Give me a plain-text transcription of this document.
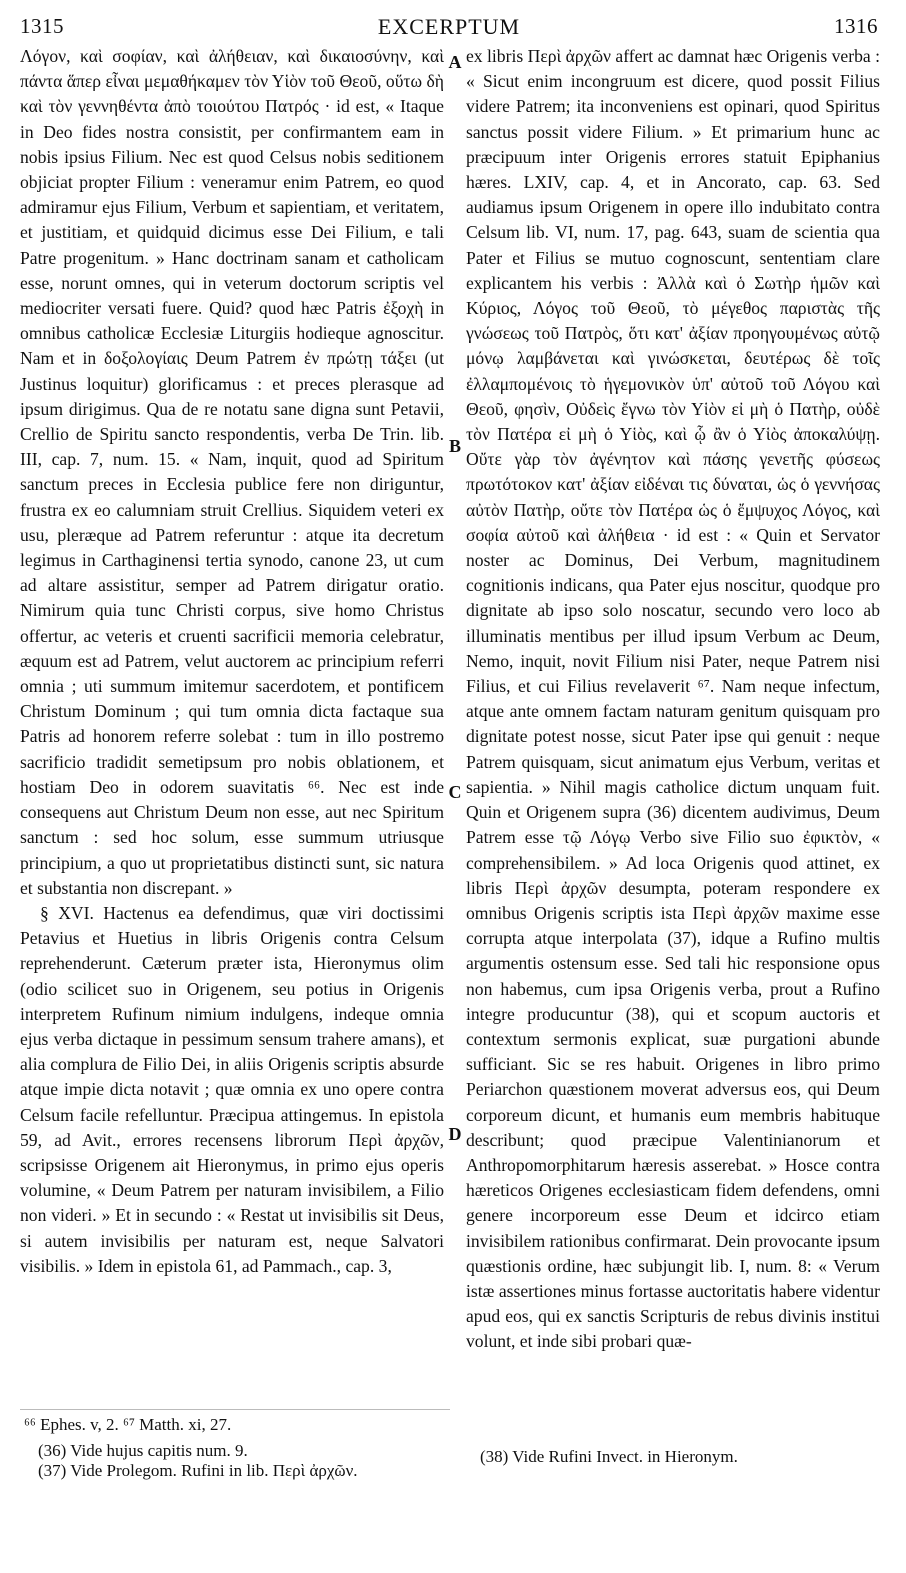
1315	EXCERPTUM	1316
Λόγον, καὶ σοφίαν, καὶ ἀλήθειαν, καὶ δικαιοσύνην, καὶ πάντα ἅπερ εἶναι μεμαθήκαμεν τὸν Υἱὸν τοῦ Θεοῦ, οὕτω δὴ καὶ τὸν γεννηθέντα ἀπὸ τοιούτου Πατρός · id est, « Itaque in Deo fides nostra consistit, per confirmantem eam in nobis ipsius Filium. Nec est quod Celsus nobis seditionem objiciat propter Filium : veneramur enim Patrem, eo quod admiramur ejus Filium, Verbum et sapientiam, et veritatem, et justitiam, et quidquid dicimus esse Dei Filium, e tali Patre progenitum. » Hanc doctrinam sanam et catholicam esse, norunt omnes, qui in veterum doctorum scriptis vel mediocriter versati fuere. Quid? quod hæc Patris ἐξοχὴ in omnibus catholicæ Ecclesiæ Liturgiis hodieque agnoscitur. Nam et in δοξολογίαις Deum Patrem ἐν πρώτῃ τάξει (ut Justinus loquitur) glorificamus : et preces plerasque ad ipsum dirigimus. Qua de re notatu sane digna sunt Petavii, Crellio de Spiritu sancto respondentis, verba De Trin. lib. III, cap. 7, num. 15. « Nam, inquit, quod ad Spiritum sanctum preces in Ecclesia publice fere non diriguntur, frustra ex eo calumniam struit Crellius. Siquidem veteri ex usu, pleræque ad Patrem referuntur : atque ita decretum legimus in Carthaginensi tertia synodo, canone 23, ut cum ad altare assistitur, semper ad Patrem dirigatur oratio. Nimirum quia tunc Christi corpus, sive homo Christus offertur, ac veteris et cruenti sacrificii memoria celebratur, æquum est ad Patrem, velut auctorem ac principium referri omnia ; uti summum imitemur sacerdotem, et pontificem Christum Dominum ; qui tum omnia dicta factaque sua Patris ad honorem referre solebat : tum in illo postremo sacrificio tradidit semetipsum pro nobis oblationem, et hostiam Deo in odorem suavitatis ⁶⁶. Nec est inde consequens aut Christum Deum non esse, aut nec Spiritum sanctum : sed hoc solum, esse summum utriusque principium, a quo ut proprietatibus distincti sunt, sic natura et substantia non discrepant. »
§ XVI. Hactenus ea defendimus, quæ viri doctissimi Petavius et Huetius in libris Origenis contra Celsum reprehenderunt. Cæterum præter ista, Hieronymus olim (odio scilicet suo in Origenem, seu potius in Origenis interpretem Rufinum nimium indulgens, indeque omnia ejus verba dictaque in pessimum sensum trahere amans), et alia complura de Filio Dei, in aliis Origenis scriptis absurde atque impie dicta notavit ; quæ omnia ex uno opere contra Celsum facile refelluntur. Præcipua attingemus. In epistola 59, ad Avit., errores recensens librorum Περὶ ἀρχῶν, scripsisse Origenem ait Hieronymus, in primo ejus operis volumine, « Deum Patrem per naturam invisibilem, a Filio non videri. » Et in secundo : « Restat ut invisibilis sit Deus, si autem invisibilis per naturam est, neque Salvatori visibilis. » Idem in epistola 61, ad Pammach., cap. 3,
A
B
C
D
ex libris Περὶ ἀρχῶν affert ac damnat hæc Origenis verba : « Sicut enim incongruum est dicere, quod possit Filius videre Patrem; ita inconveniens est opinari, quod Spiritus sanctus possit videre Filium. » Et primarium hunc ac præcipuum inter Origenis errores statuit Epiphanius hæres. LXIV, cap. 4, et in Ancorato, cap. 63. Sed audiamus ipsum Origenem in opere illo indubitato contra Celsum lib. VI, num. 17, pag. 643, suam de scientia qua Pater et Filius se mutuo cognoscunt, sententiam clare explicantem his verbis : Ἀλλὰ καὶ ὁ Σωτὴρ ἡμῶν καὶ Κύριος, Λόγος τοῦ Θεοῦ, τὸ μέγεθος παριστὰς τῆς γνώσεως τοῦ Πατρὸς, ὅτι κατ' ἀξίαν προηγουμένως αὐτῷ μόνῳ λαμβάνεται καὶ γινώσκεται, δευτέρως δὲ τοῖς ἐλλαμπομένοις τὸ ἡγεμονικὸν ὑπ' αὐτοῦ τοῦ Λόγου καὶ Θεοῦ, φησὶν, Οὐδεὶς ἔγνω τὸν Υἱὸν εἰ μὴ ὁ Πατὴρ, οὐδὲ τὸν Πατέρα εἰ μὴ ὁ Υἱὸς, καὶ ᾧ ἂν ὁ Υἱὸς ἀποκαλύψῃ. Οὔτε γὰρ τὸν ἀγένητον καὶ πάσης γενετῆς φύσεως πρωτότοκον κατ' ἀξίαν εἰδέναι τις δύναται, ὡς ὁ γεννήσας αὐτὸν Πατὴρ, οὔτε τὸν Πατέρα ὡς ὁ ἔμψυχος Λόγος, καὶ σοφία αὐτοῦ καὶ ἀλήθεια · id est : « Quin et Servator noster ac Dominus, Dei Verbum, magnitudinem cognitionis indicans, qua Pater ejus noscitur, quodque pro dignitate ab ipso solo noscatur, secundo vero loco ab illuminatis mentibus per illud ipsum Verbum ac Deum, Nemo, inquit, novit Filium nisi Pater, neque Patrem nisi Filius, et cui Filius revelaverit ⁶⁷. Nam neque infectum, atque ante omnem factam naturam genitum quisquam pro dignitate potest nosse, sicut Pater ipse qui genuit : neque Patrem quisquam, sicut animatum ejus Verbum, veritas et sapientia. » Nihil magis catholice dictum unquam fuit. Quin et Origenem supra (36) dicentem audivimus, Deum Patrem esse τῷ Λόγῳ Verbo sive Filio suo ἐφικτὸν, « comprehensibilem. » Ad loca Origenis quod attinet, ex libris Περὶ ἀρχῶν desumpta, poteram respondere ex omnibus Origenis scriptis ista Περὶ ἀρχῶν maxime esse corrupta atque interpolata (37), idque a Rufino multis argumentis ostensum esse. Sed tali hic responsione opus non habemus, cum ipsa Origenis verba, prout a Rufino integre producuntur (38), qui et scopum auctoris et contextum sermonis explicat, suæ purgationi abunde sufficiant. Sic se res habuit. Origenes in libro primo Periarchon quæstionem moverat adversus eos, qui Deum corporeum dicunt, et humanis eum membris habituque describunt; quod præcipue Valentinianorum et Anthropomorphitarum hæresis asserebat. » Hosce contra hæreticos Origenes ecclesiasticam fidem defendens, omni genere incorporeum esse Deum et idcirco etiam invisibilem rationibus confirmarat. Dein provocante ipsum quæstionis ordine, hæc subjungit lib. I, num. 8: « Verum istæ assertiones minus fortasse auctoritatis habere videntur apud eos, qui ex sanctis Scripturis de rebus divinis institui volunt, et inde sibi probari quæ-
⁶⁶ Ephes. v, 2. ⁶⁷ Matth. xi, 27.
(36) Vide hujus capitis num. 9.
(37) Vide Prolegom. Rufini in lib. Περὶ ἀρχῶν.
(38) Vide Rufini Invect. in Hieronym.
